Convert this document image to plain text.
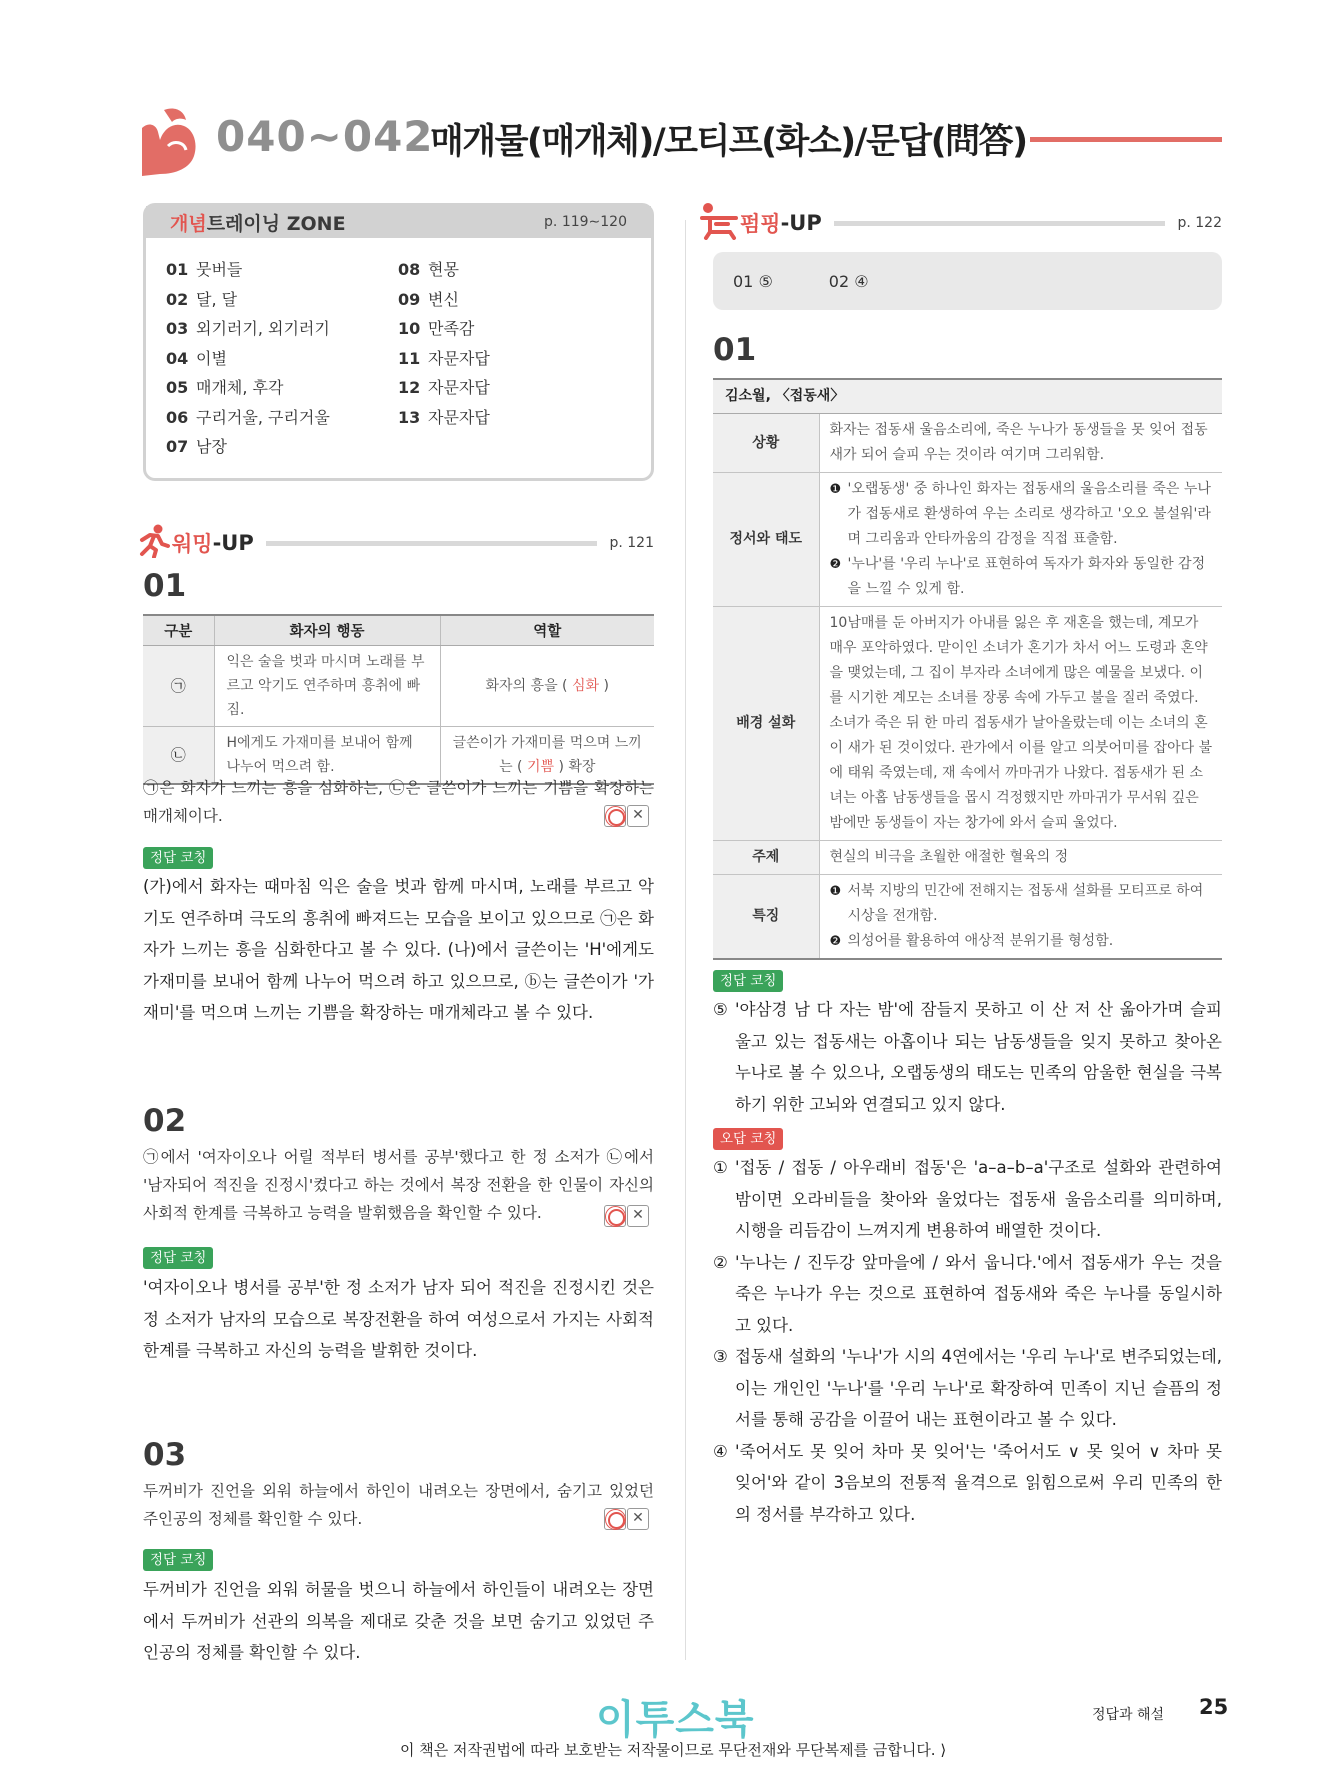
040∼042
매개물(매개체)/모티프(화소)/문답(問答)
개념트레이닝 ZONE	p. 119∼120
01 뭇버들
02 달, 달
03 외기러기, 외기러기
04 이별
05 매개체, 후각
06 구리거울, 구리거울
07 남장
08 현몽
09 변신
10 만족감
11 자문자답
12 자문자답
13 자문자답
워밍 -UP	p. 121
01
구분	화자의 행동	역할
㉠	익은 술을 벗과 마시며 노래를 부르고 악기도 연주하며 흥취에 빠짐.	화자의 흥을 ( 심화 )
㉡	H에게도 가재미를 보내어 함께 나누어 먹으려 함.	글쓴이가 가재미를 먹으며 느끼는 ( 기쁨 ) 확장
㉠은 화자가 느끼는 흥을 심화하는, ㉡은 글쓴이가 느끼는 기쁨을 확장하는 매개체이다.	✕
정답 코칭
(가)에서 화자는 때마침 익은 술을 벗과 함께 마시며, 노래를 부르고 악기도 연주하며 극도의 흥취에 빠져드는 모습을 보이고 있으므로 ㉠은 화자가 느끼는 흥을 심화한다고 볼 수 있다. (나)에서 글쓴이는 'H'에게도 가재미를 보내어 함께 나누어 먹으려 하고 있으므로, ⓑ는 글쓴이가 '가재미'를 먹으며 느끼는 기쁨을 확장하는 매개체라고 볼 수 있다.
02
㉠에서 '여자이오나 어릴 적부터 병서를 공부'했다고 한 정 소저가 ㉡에서 '남자되어 적진을 진정시'켰다고 하는 것에서 복장 전환을 한 인물이 자신의 사회적 한계를 극복하고 능력을 발휘했음을 확인할 수 있다.	✕
정답 코칭
'여자이오나 병서를 공부'한 정 소저가 남자 되어 적진을 진정시킨 것은 정 소저가 남자의 모습으로 복장전환을 하여 여성으로서 가지는 사회적 한계를 극복하고 자신의 능력을 발휘한 것이다.
03
두꺼비가 진언을 외워 하늘에서 하인이 내려오는 장면에서, 숨기고 있었던 주인공의 정체를 확인할 수 있다.	✕
정답 코칭
두꺼비가 진언을 외워 허물을 벗으니 하늘에서 하인들이 내려오는 장면에서 두꺼비가 선관의 의복을 제대로 갖춘 것을 보면 숨기고 있었던 주인공의 정체를 확인할 수 있다.
펌핑 -UP	p. 122
01 ⑤	02 ④
01
김소월, 〈접동새〉	
상황	화자는 접동새 울음소리에, 죽은 누나가 동생들을 못 잊어 접동새가 되어 슬피 우는 것이라 여기며 그리워함.
정서와 태도	❶ '오랩동생' 중 하나인 화자는 접동새의 울음소리를 죽은 누나가 접동새로 환생하여 우는 소리로 생각하고 '오오 불설워'라며 그리움과 안타까움의 감정을 직접 표출함.
❷ '누나'를 '우리 누나'로 표현하여 독자가 화자와 동일한 감정을 느낄 수 있게 함.

배경 설화	10남매를 둔 아버지가 아내를 잃은 후 재혼을 했는데, 계모가 매우 포악하였다. 맏이인 소녀가 혼기가 차서 어느 도령과 혼약을 맺었는데, 그 집이 부자라 소녀에게 많은 예물을 보냈다. 이를 시기한 계모는 소녀를 장롱 속에 가두고 불을 질러 죽였다. 소녀가 죽은 뒤 한 마리 접동새가 날아올랐는데 이는 소녀의 혼이 새가 된 것이었다. 관가에서 이를 알고 의붓어미를 잡아다 불에 태워 죽였는데, 재 속에서 까마귀가 나왔다. 접동새가 된 소녀는 아홉 남동생들을 몹시 걱정했지만 까마귀가 무서워 깊은 밤에만 동생들이 자는 창가에 와서 슬피 울었다.
주제	현실의 비극을 초월한 애절한 혈육의 정
특징	❶ 서북 지방의 민간에 전해지는 접동새 설화를 모티프로 하여 시상을 전개함.
❷ 의성어를 활용하여 애상적 분위기를 형성함.
정답 코칭
⑤ '야삼경 남 다 자는 밤'에 잠들지 못하고 이 산 저 산 옮아가며 슬피 울고 있는 접동새는 아홉이나 되는 남동생들을 잊지 못하고 찾아온 누나로 볼 수 있으나, 오랩동생의 태도는 민족의 암울한 현실을 극복하기 위한 고뇌와 연결되고 있지 않다.
오답 코칭
① '접동 / 접동 / 아우래비 접동'은 'a–a–b–a'구조로 설화와 관련하여 밤이면 오라비들을 찾아와 울었다는 접동새 울음소리를 의미하며, 시행을 리듬감이 느껴지게 변용하여 배열한 것이다.
② '누나는 / 진두강 앞마을에 / 와서 웁니다.'에서 접동새가 우는 것을 죽은 누나가 우는 것으로 표현하여 접동새와 죽은 누나를 동일시하고 있다.
③ 접동새 설화의 '누나'가 시의 4연에서는 '우리 누나'로 변주되었는데, 이는 개인인 '누나'를 '우리 누나'로 확장하여 민족이 지닌 슬픔의 정서를 통해 공감을 이끌어 내는 표현이라고 볼 수 있다.
④ '죽어서도 못 잊어 차마 못 잊어'는 '죽어서도 ∨ 못 잊어 ∨ 차마 못 잊어'와 같이 3음보의 전통적 율격으로 읽힘으로써 우리 민족의 한의 정서를 부각하고 있다.
이투스북	정답과 해설 25
이 책은 저작권법에 따라 보호받는 저작물이므로 무단전재와 무단복제를 금합니다. ⟩
